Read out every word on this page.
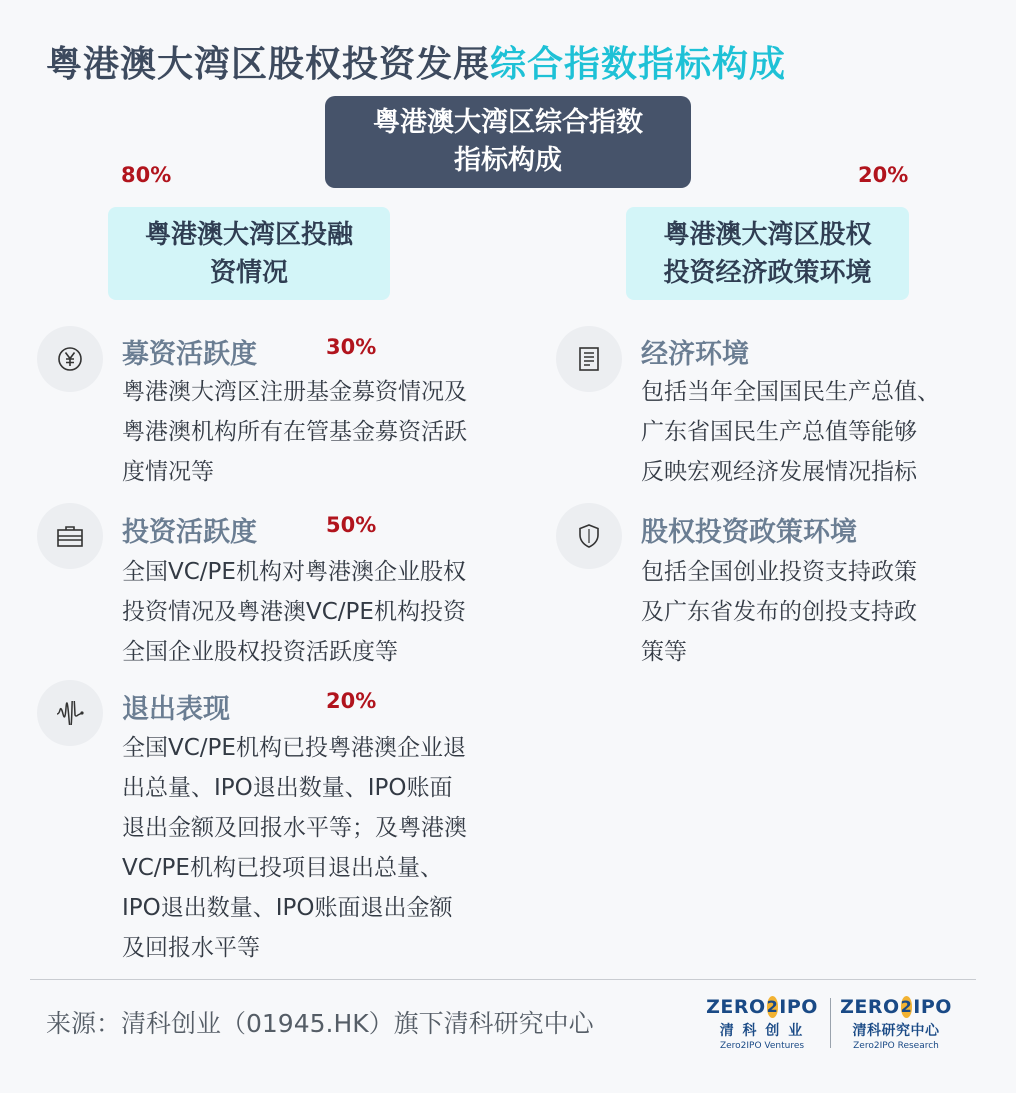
粤港澳大湾区股权投资发展综合指数指标构成
粤港澳大湾区综合指数
指标构成
80%
粤港澳大湾区投融
资情况
20%
粤港澳大湾区股权
投资经济政策环境
募资活跃度	30%
粤港澳大湾区注册基金募资情况及
粤港澳机构所有在管基金募资活跃
度情况等
投资活跃度	50%
全国VC/PE机构对粤港澳企业股权
投资情况及粤港澳VC/PE机构投资
全国企业股权投资活跃度等
退出表现	20%
全国VC/PE机构已投粤港澳企业退
出总量、IPO退出数量、IPO账面
退出金额及回报水平等；及粤港澳
VC/PE机构已投项目退出总量、
IPO退出数量、IPO账面退出金额
及回报水平等
经济环境
包括当年全国国民生产总值、
广东省国民生产总值等能够
反映宏观经济发展情况指标
股权投资政策环境
包括全国创业投资支持政策
及广东省发布的创投支持政
策等
来源：清科创业（01945.HK）旗下清科研究中心
ZERO 2 IPO
清 科 创 业
Zero2IPO Ventures
ZERO 2 IPO
清科研究中心
Zero2IPO Research
